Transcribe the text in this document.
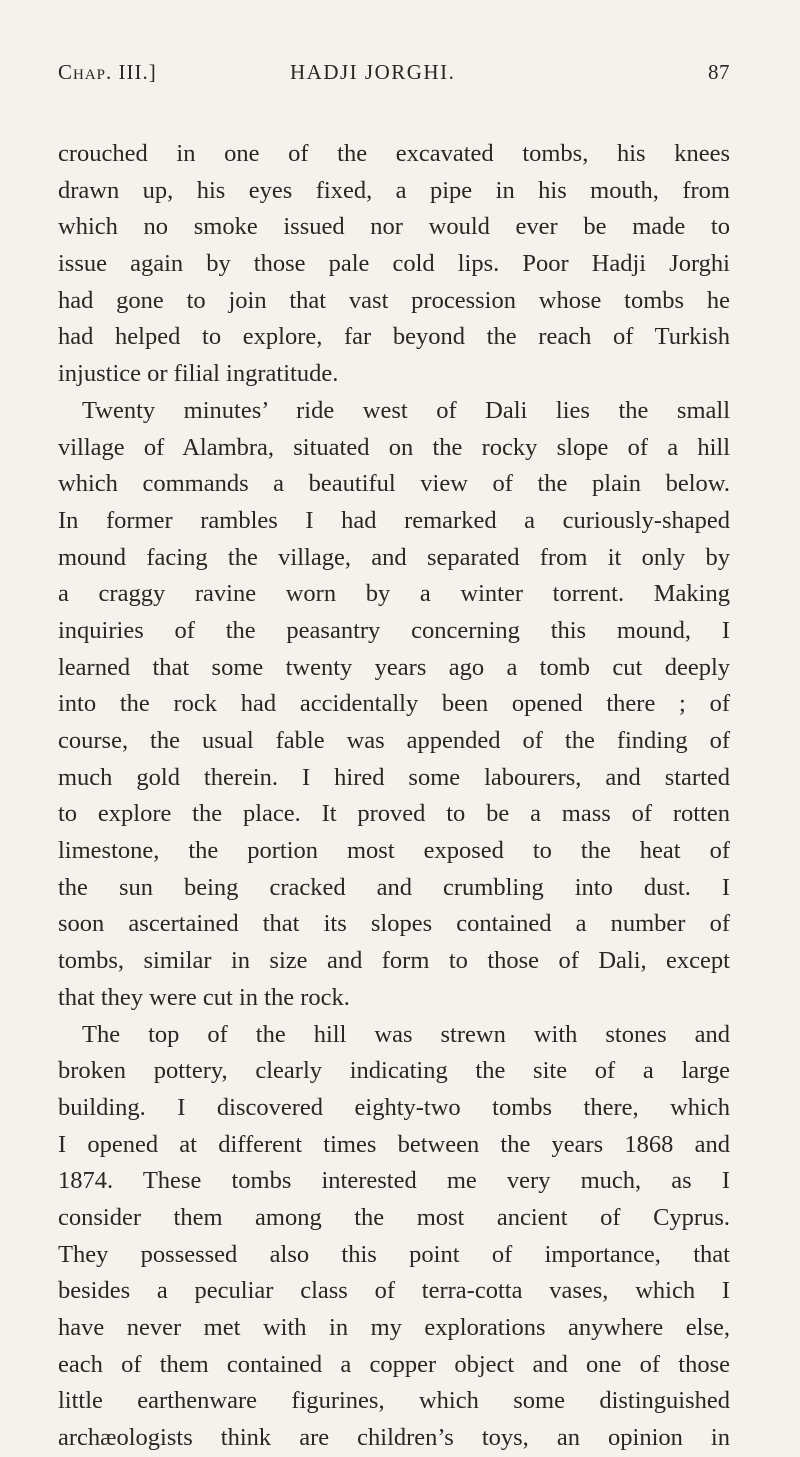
Chap. III.]	HADJI JORGHI.	87
crouched in one of the excavated tombs, his knees
drawn up, his eyes fixed, a pipe in his mouth, from
which no smoke issued nor would ever be made to
issue again by those pale cold lips. Poor Hadji Jorghi
had gone to join that vast procession whose tombs he
had helped to explore, far beyond the reach of Turkish
injustice or filial ingratitude.
Twenty minutes’ ride west of Dali lies the small
village of Alambra, situated on the rocky slope of a hill
which commands a beautiful view of the plain below.
In former rambles I had remarked a curiously-shaped
mound facing the village, and separated from it only by
a craggy ravine worn by a winter torrent. Making
inquiries of the peasantry concerning this mound, I
learned that some twenty years ago a tomb cut deeply
into the rock had accidentally been opened there ; of
course, the usual fable was appended of the finding of
much gold therein. I hired some labourers, and started
to explore the place. It proved to be a mass of rotten
limestone, the portion most exposed to the heat of
the sun being cracked and crumbling into dust. I
soon ascertained that its slopes contained a number of
tombs, similar in size and form to those of Dali, except
that they were cut in the rock.
The top of the hill was strewn with stones and
broken pottery, clearly indicating the site of a large
building. I discovered eighty-two tombs there, which
I opened at different times between the years 1868 and
1874. These tombs interested me very much, as I
consider them among the most ancient of Cyprus.
They possessed also this point of importance, that
besides a peculiar class of terra-cotta vases, which I
have never met with in my explorations anywhere else,
each of them contained a copper object and one of those
little earthenware figurines, which some distinguished
archæologists think are children’s toys, an opinion in
